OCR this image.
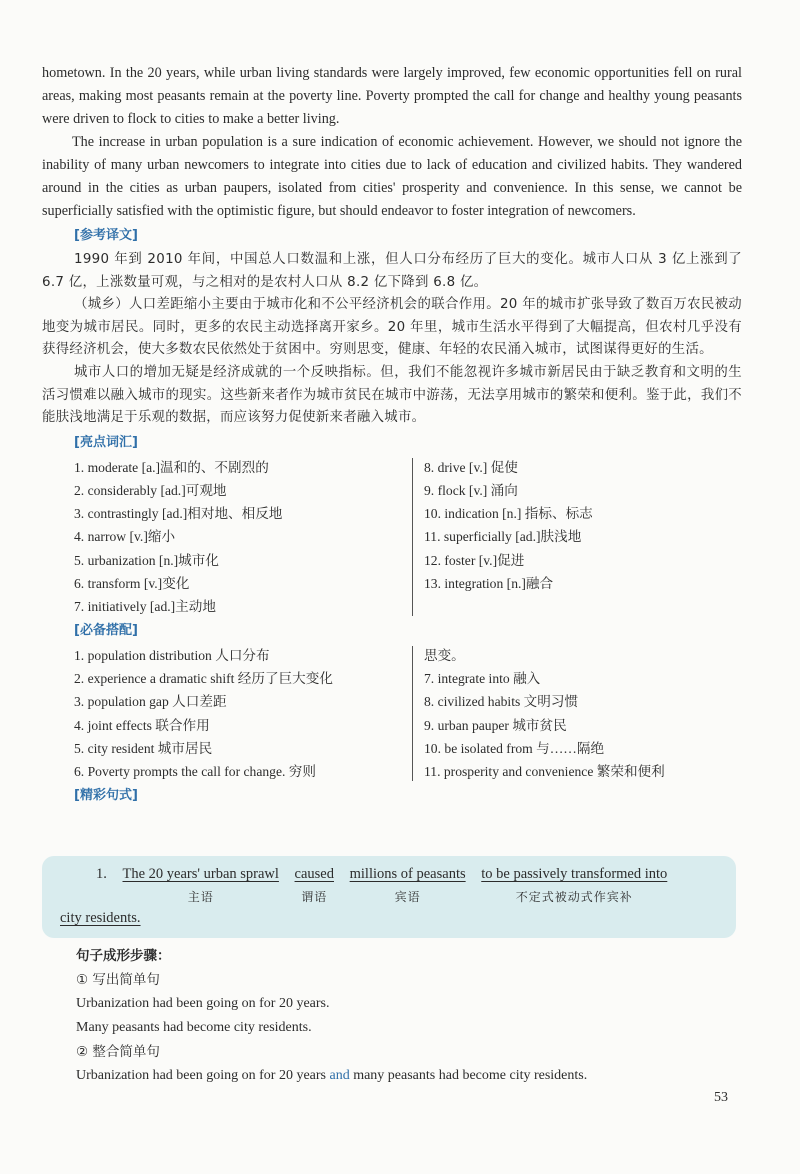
hometown. In the 20 years, while urban living standards were largely improved, few economic opportunities fell on rural areas, making most peasants remain at the poverty line. Poverty prompted the call for change and healthy young peasants were driven to flock to cities to make a better living.

The increase in urban population is a sure indication of economic achievement. However, we should not ignore the inability of many urban newcomers to integrate into cities due to lack of education and civilized habits. They wandered around in the cities as urban paupers, isolated from cities' prosperity and convenience. In this sense, we cannot be superficially satisfied with the optimistic figure, but should endeavor to foster integration of newcomers.

[参考译文]

1990 年到 2010 年间，中国总人口数温和上涨，但人口分布经历了巨大的变化。城市人口从 3 亿上涨到了 6.7 亿，上涨数量可观，与之相对的是农村人口从 8.2 亿下降到 6.8 亿。

（城乡）人口差距缩小主要由于城市化和不公平经济机会的联合作用。20 年的城市扩张导致了数百万农民被动地变为城市居民。同时，更多的农民主动选择离开家乡。20 年里，城市生活水平得到了大幅提高，但农村几乎没有获得经济机会，使大多数农民依然处于贫困中。穷则思变，健康、年轻的农民涌入城市，试图谋得更好的生活。

城市人口的增加无疑是经济成就的一个反映指标。但，我们不能忽视许多城市新居民由于缺乏教育和文明的生活习惯难以融入城市的现实。这些新来者作为城市贫民在城市中游荡，无法享用城市的繁荣和便利。鉴于此，我们不能肤浅地满足于乐观的数据，而应该努力促使新来者融入城市。

[亮点词汇]
1. moderate [a.]温和的、不剧烈的
2. considerably [ad.]可观地
3. contrastingly [ad.]相对地、相反地
4. narrow [v.]缩小
5. urbanization [n.]城市化
6. transform [v.]变化
7. initiatively [ad.]主动地
8. drive [v.] 促使
9. flock [v.] 涌向
10. indication [n.] 指标、标志
11. superficially [ad.]肤浅地
12. foster [v.]促进
13. integration [n.]融合
[必备搭配]
1. population distribution 人口分布
2. experience a dramatic shift 经历了巨大变化
3. population gap 人口差距
4. joint effects 联合作用
5. city resident 城市居民
6. Poverty prompts the call for change. 穷则
思变。
7. integrate into 融入
8. civilized habits 文明习惯
9. urban pauper 城市贫民
10. be isolated from 与……隔绝
11. prosperity and convenience 繁荣和便利
[精彩句式]
1. The 20 years' urban sprawl
主语
caused
谓语
millions of peasants
宾语
to be passively transformed into
不定式被动式作宾补
city residents.
句子成形步骤：
① 写出简单句
Urbanization had been going on for 20 years.
Many peasants had become city residents.
② 整合简单句
Urbanization had been going on for 20 years and many peasants had become city residents.
53
